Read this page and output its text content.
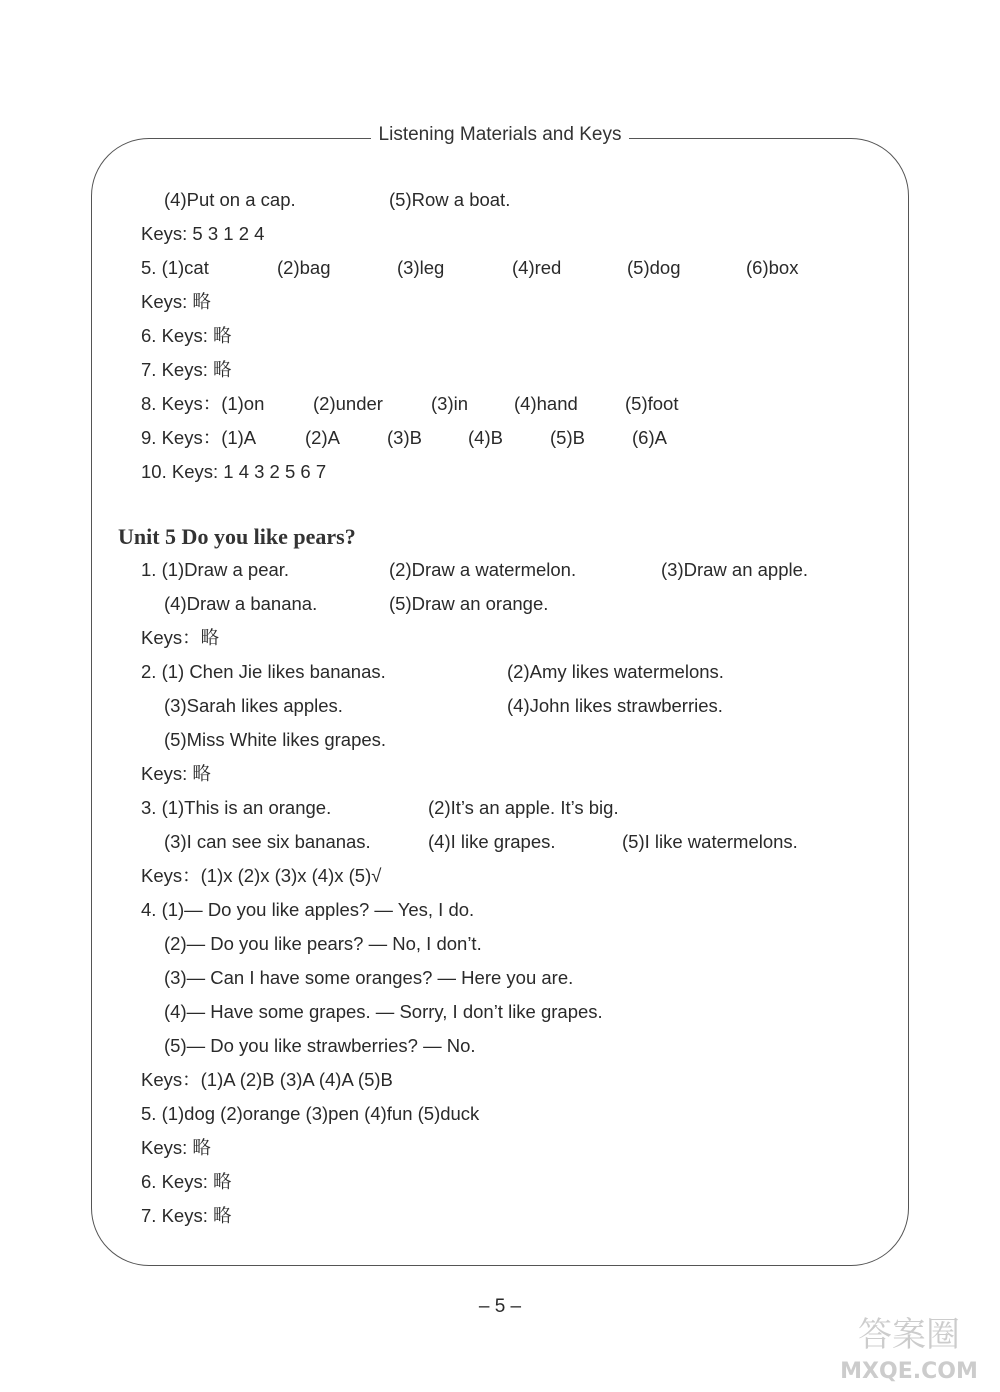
Listening Materials and Keys
(4)Put on a cap.	(5)Row a boat.
Keys: 5 3 1 2 4
5. (1)cat	(2)bag	(3)leg	(4)red	(5)dog	(6)box
Keys: 略
6. Keys: 略
7. Keys: 略
8. Keys：(1)on	(2)under	(3)in (4)hand	(5)foot
9. Keys：(1)A	(2)A	(3)B (4)B	(5)B	(6)A
10. Keys: 1 4 3 2 5 6 7
1. (1)Draw a pear.	(2)Draw a watermelon.	(3)Draw an apple.
(4)Draw a banana.	(5)Draw an orange.
Keys：略
2. (1) Chen Jie likes bananas.	(2)Amy likes watermelons.
(3)Sarah likes apples.	(4)John likes strawberries.
(5)Miss White likes grapes.
Keys: 略
3. (1)This is an orange.	(2)It’s an apple. It’s big.
(3)I can see six bananas.	(4)I like grapes.	(5)I like watermelons.
Keys：(1)x (2)x (3)x (4)x (5)√
4. (1)— Do you like apples? — Yes, I do.
(2)— Do you like pears? — No, I don’t.
(3)— Can I have some oranges? — Here you are.
(4)— Have some grapes. — Sorry, I don’t like grapes.
(5)— Do you like strawberries? — No.
Keys：(1)A (2)B (3)A (4)A (5)B
5. (1)dog (2)orange (3)pen (4)fun (5)duck
Keys: 略
6. Keys: 略
7. Keys: 略
Unit 5 Do you like pears?
– 5 –
答案圈
MXQE.COM
